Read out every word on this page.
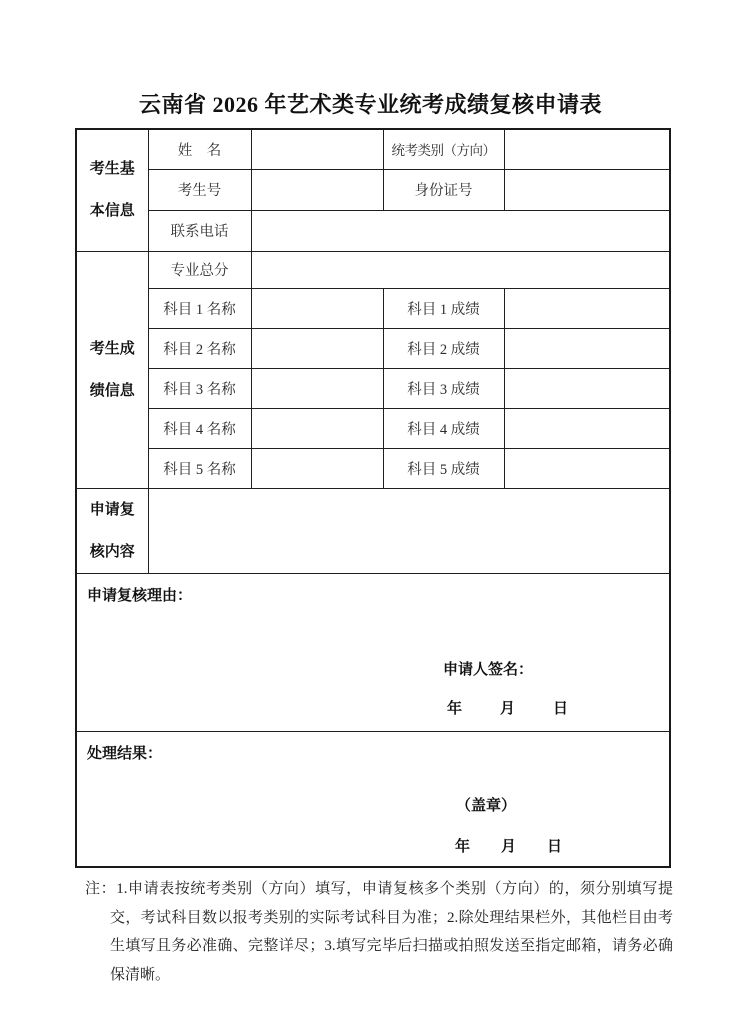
云南省 2026 年艺术类专业统考成绩复核申请表
考生基
本信息	姓　名		统考类别（方向）	
	考生号		身份证号	
	联系电话			

考生成
绩信息	专业总分			
	科目 1 名称		科目 1 成绩	
	科目 2 名称		科目 2 成绩	
	科目 3 名称		科目 3 成绩	
	科目 4 名称		科目 4 成绩	
	科目 5 名称		科目 5 成绩	

申请复
核内容				

申请复核理由：
申请人签名：
年 月 日				

处理结果：
（盖章）
年 月 日				

注：1.申请表按统考类别（方向）填写，申请复核多个类别（方向）的，须分别填写提交，考试科目数以报考类别的实际考试科目为准；2.除处理结果栏外，其他栏目由考生填写且务必准确、完整详尽；3.填写完毕后扫描或拍照发送至指定邮箱，请务必确保清晰。
